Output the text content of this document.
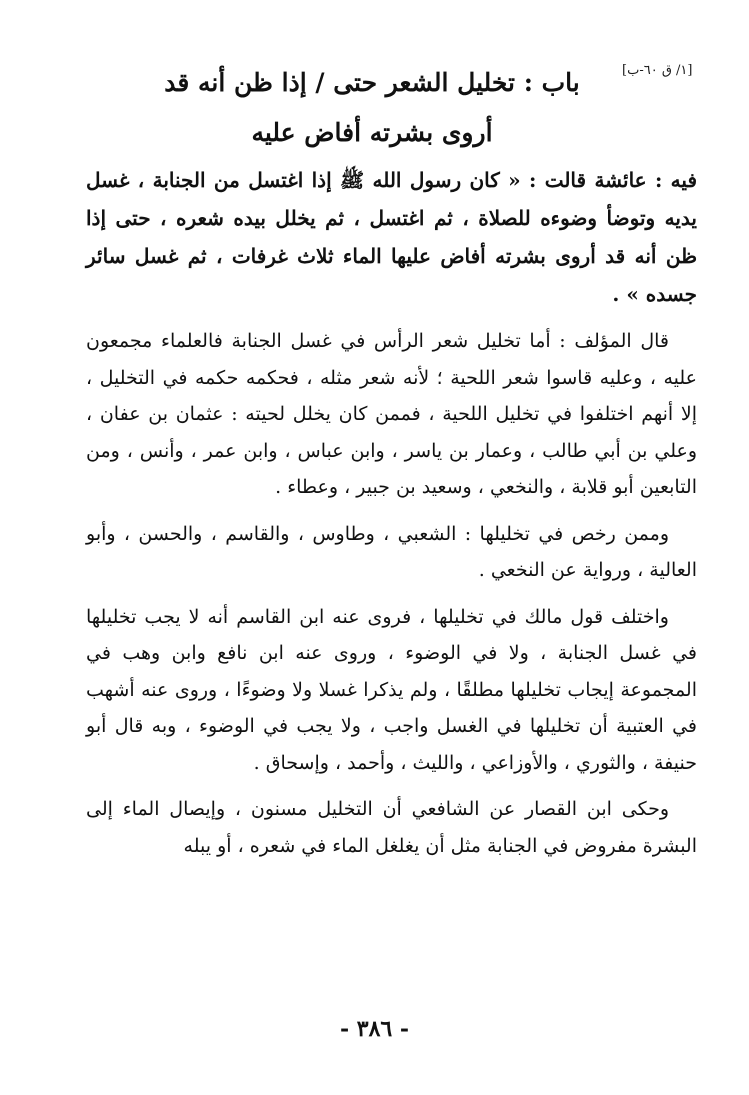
[١/ ق ٦٠-ب]
باب : تخليل الشعر حتى / إذا ظن أنه قد
أروى بشرته أفاض عليه
فيه : عائشة قالت : « كان رسول الله ﷺ إذا اغتسل من الجنابة ، غسل يديه وتوضأ وضوءه للصلاة ، ثم اغتسل ، ثم يخلل بيده شعره ، حتى إذا ظن أنه قد أروى بشرته أفاض عليها الماء ثلاث غرفات ، ثم غسل سائر جسده » .

قال المؤلف : أما تخليل شعر الرأس في غسل الجنابة فالعلماء مجمعون عليه ، وعليه قاسوا شعر اللحية ؛ لأنه شعر مثله ، فحكمه حكمه في التخليل ، إلا أنهم اختلفوا في تخليل اللحية ، فممن كان يخلل لحيته : عثمان بن عفان ، وعلي بن أبي طالب ، وعمار بن ياسر ، وابن عباس ، وابن عمر ، وأنس ، ومن التابعين أبو قلابة ، والنخعي ، وسعيد بن جبير ، وعطاء .

وممن رخص في تخليلها : الشعبي ، وطاوس ، والقاسم ، والحسن ، وأبو العالية ، ورواية عن النخعي .

واختلف قول مالك في تخليلها ، فروى عنه ابن القاسم أنه لا يجب تخليلها في غسل الجنابة ، ولا في الوضوء ، وروى عنه ابن نافع وابن وهب في المجموعة إيجاب تخليلها مطلقًا ، ولم يذكرا غسلا ولا وضوءًا ، وروى عنه أشهب في العتبية أن تخليلها في الغسل واجب ، ولا يجب في الوضوء ، وبه قال أبو حنيفة ، والثوري ، والأوزاعي ، والليث ، وأحمد ، وإسحاق .

وحكى ابن القصار عن الشافعي أن التخليل مسنون ، وإيصال الماء إلى البشرة مفروض في الجنابة مثل أن يغلغل الماء في شعره ، أو يبله

- ٣٨٦ -
